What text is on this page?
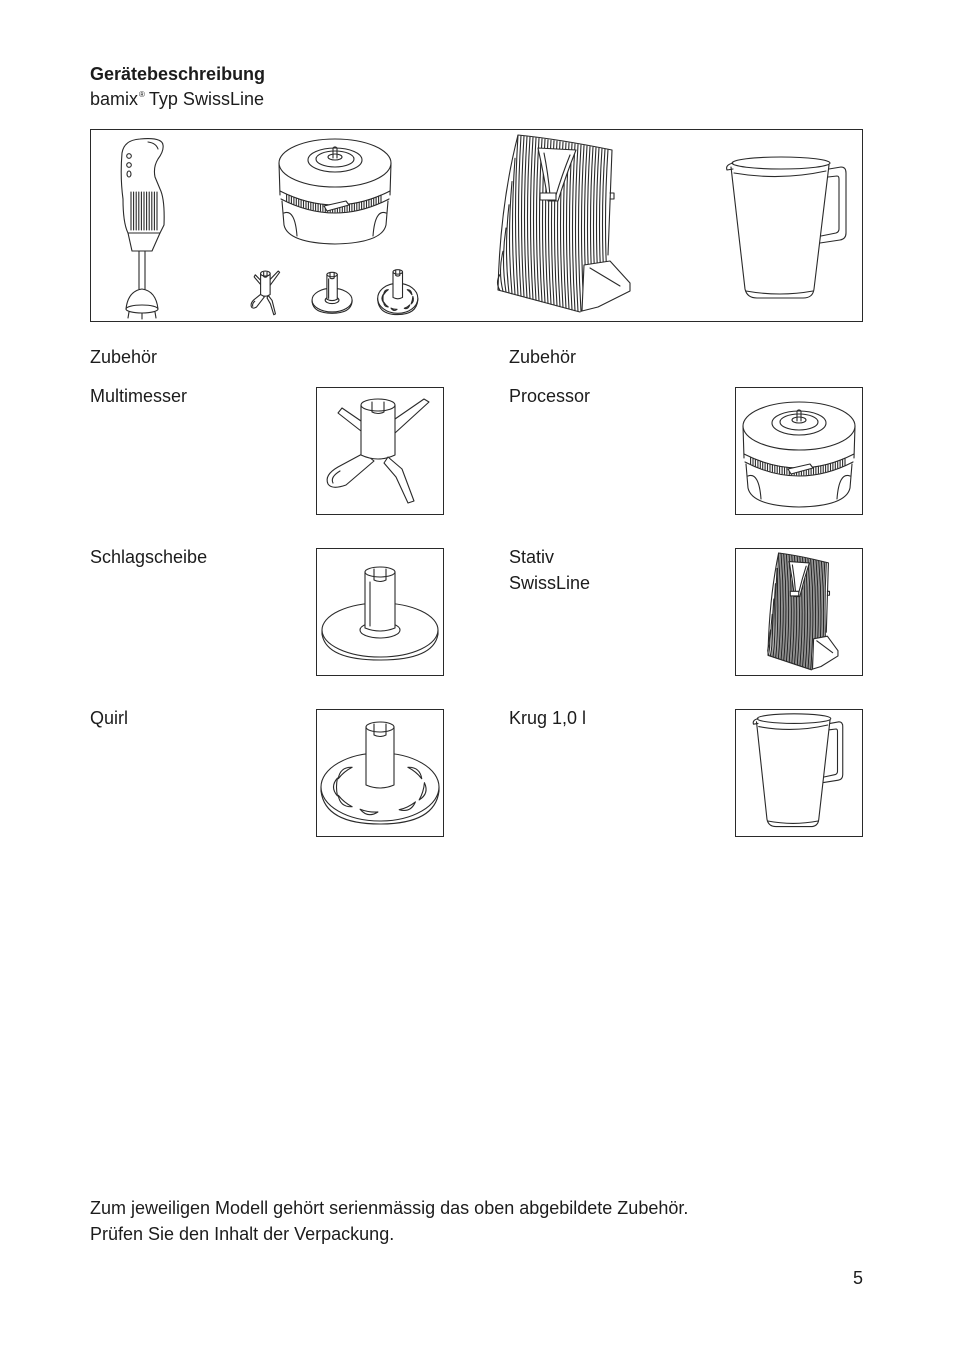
Gerätebeschreibung
bamix® Typ SwissLine
Zubehör	Zubehör
Multimesser
Schlagscheibe
Quirl
Processor
Stativ
SwissLine
Krug 1,0 l
Zum jeweiligen Modell gehört serienmässig das oben abgebildete Zubehör.
Prüfen Sie den Inhalt der Verpackung.
5
